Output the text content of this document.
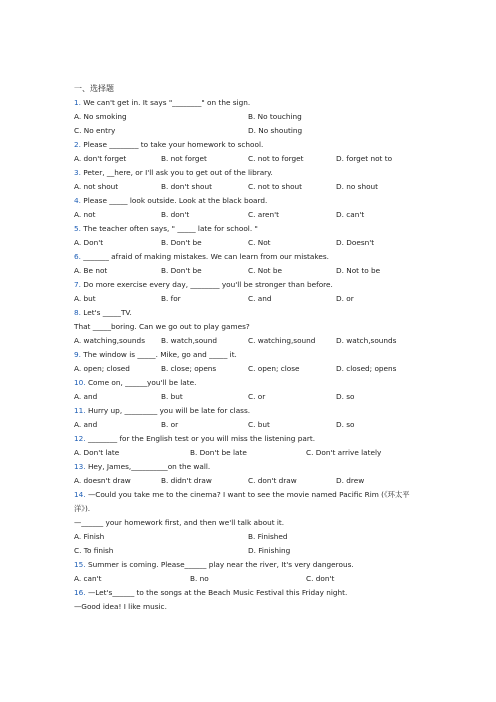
一、选择题
1. We can't get in. It says "________" on the sign.
A. No smoking	B. No touching
C. No entry	D. No shouting
2. Please ________ to take your homework to school.
A. don't forget	B. not forget	C. not to forget	D. forget not to
3. Peter, __here, or I'll ask you to get out of the library.
A. not shout	B. don't shout	C. not to shout	D. no shout
4. Please _____ look outside. Look at the black board.
A. not	B. don't	C. aren't	D. can't
5. The teacher often says, " _____ late for school. "
A. Don't	B. Don't be	C. Not	D. Doesn't
6. _______ afraid of making mistakes. We can learn from our mistakes.
A. Be not	B. Don't be	C. Not be	D. Not to be
7. Do more exercise every day, ________ you'll be stronger than before.
A. but	B. for	C. and	D. or
8. Let's _____TV.
That _____boring. Can we go out to play games?
A. watching,sounds B. watch,sound	C. watching,sound	D. watch,sounds
9. The window is _____. Mike, go and _____ it.
A. open; closed	B. close; opens	C. open; close	D. closed; opens
10. Come on, ______you'll be late.
A. and	B. but	C. or	D. so
11. Hurry up, _________ you will be late for class.
A. and	B. or	C. but	D. so
12. ________ for the English test or you will miss the listening part.
A. Don't late	B. Don't be late	C. Don't arrive lately
13. Hey, James,__________on the wall.
A. doesn't draw	B. didn't draw	C. don't draw	D. drew
14. —Could you take me to the cinema? I want to see the movie named Pacific Rim (《环太平
洋》).
—______ your homework first, and then we'll talk about it.
A. Finish	B. Finished
C. To finish	D. Finishing
15. Summer is coming. Please______ play near the river, It's very dangerous.
A. can't	B. no	C. don't
16. —Let's______ to the songs at the Beach Music Festival this Friday night.
—Good idea! I like music.
